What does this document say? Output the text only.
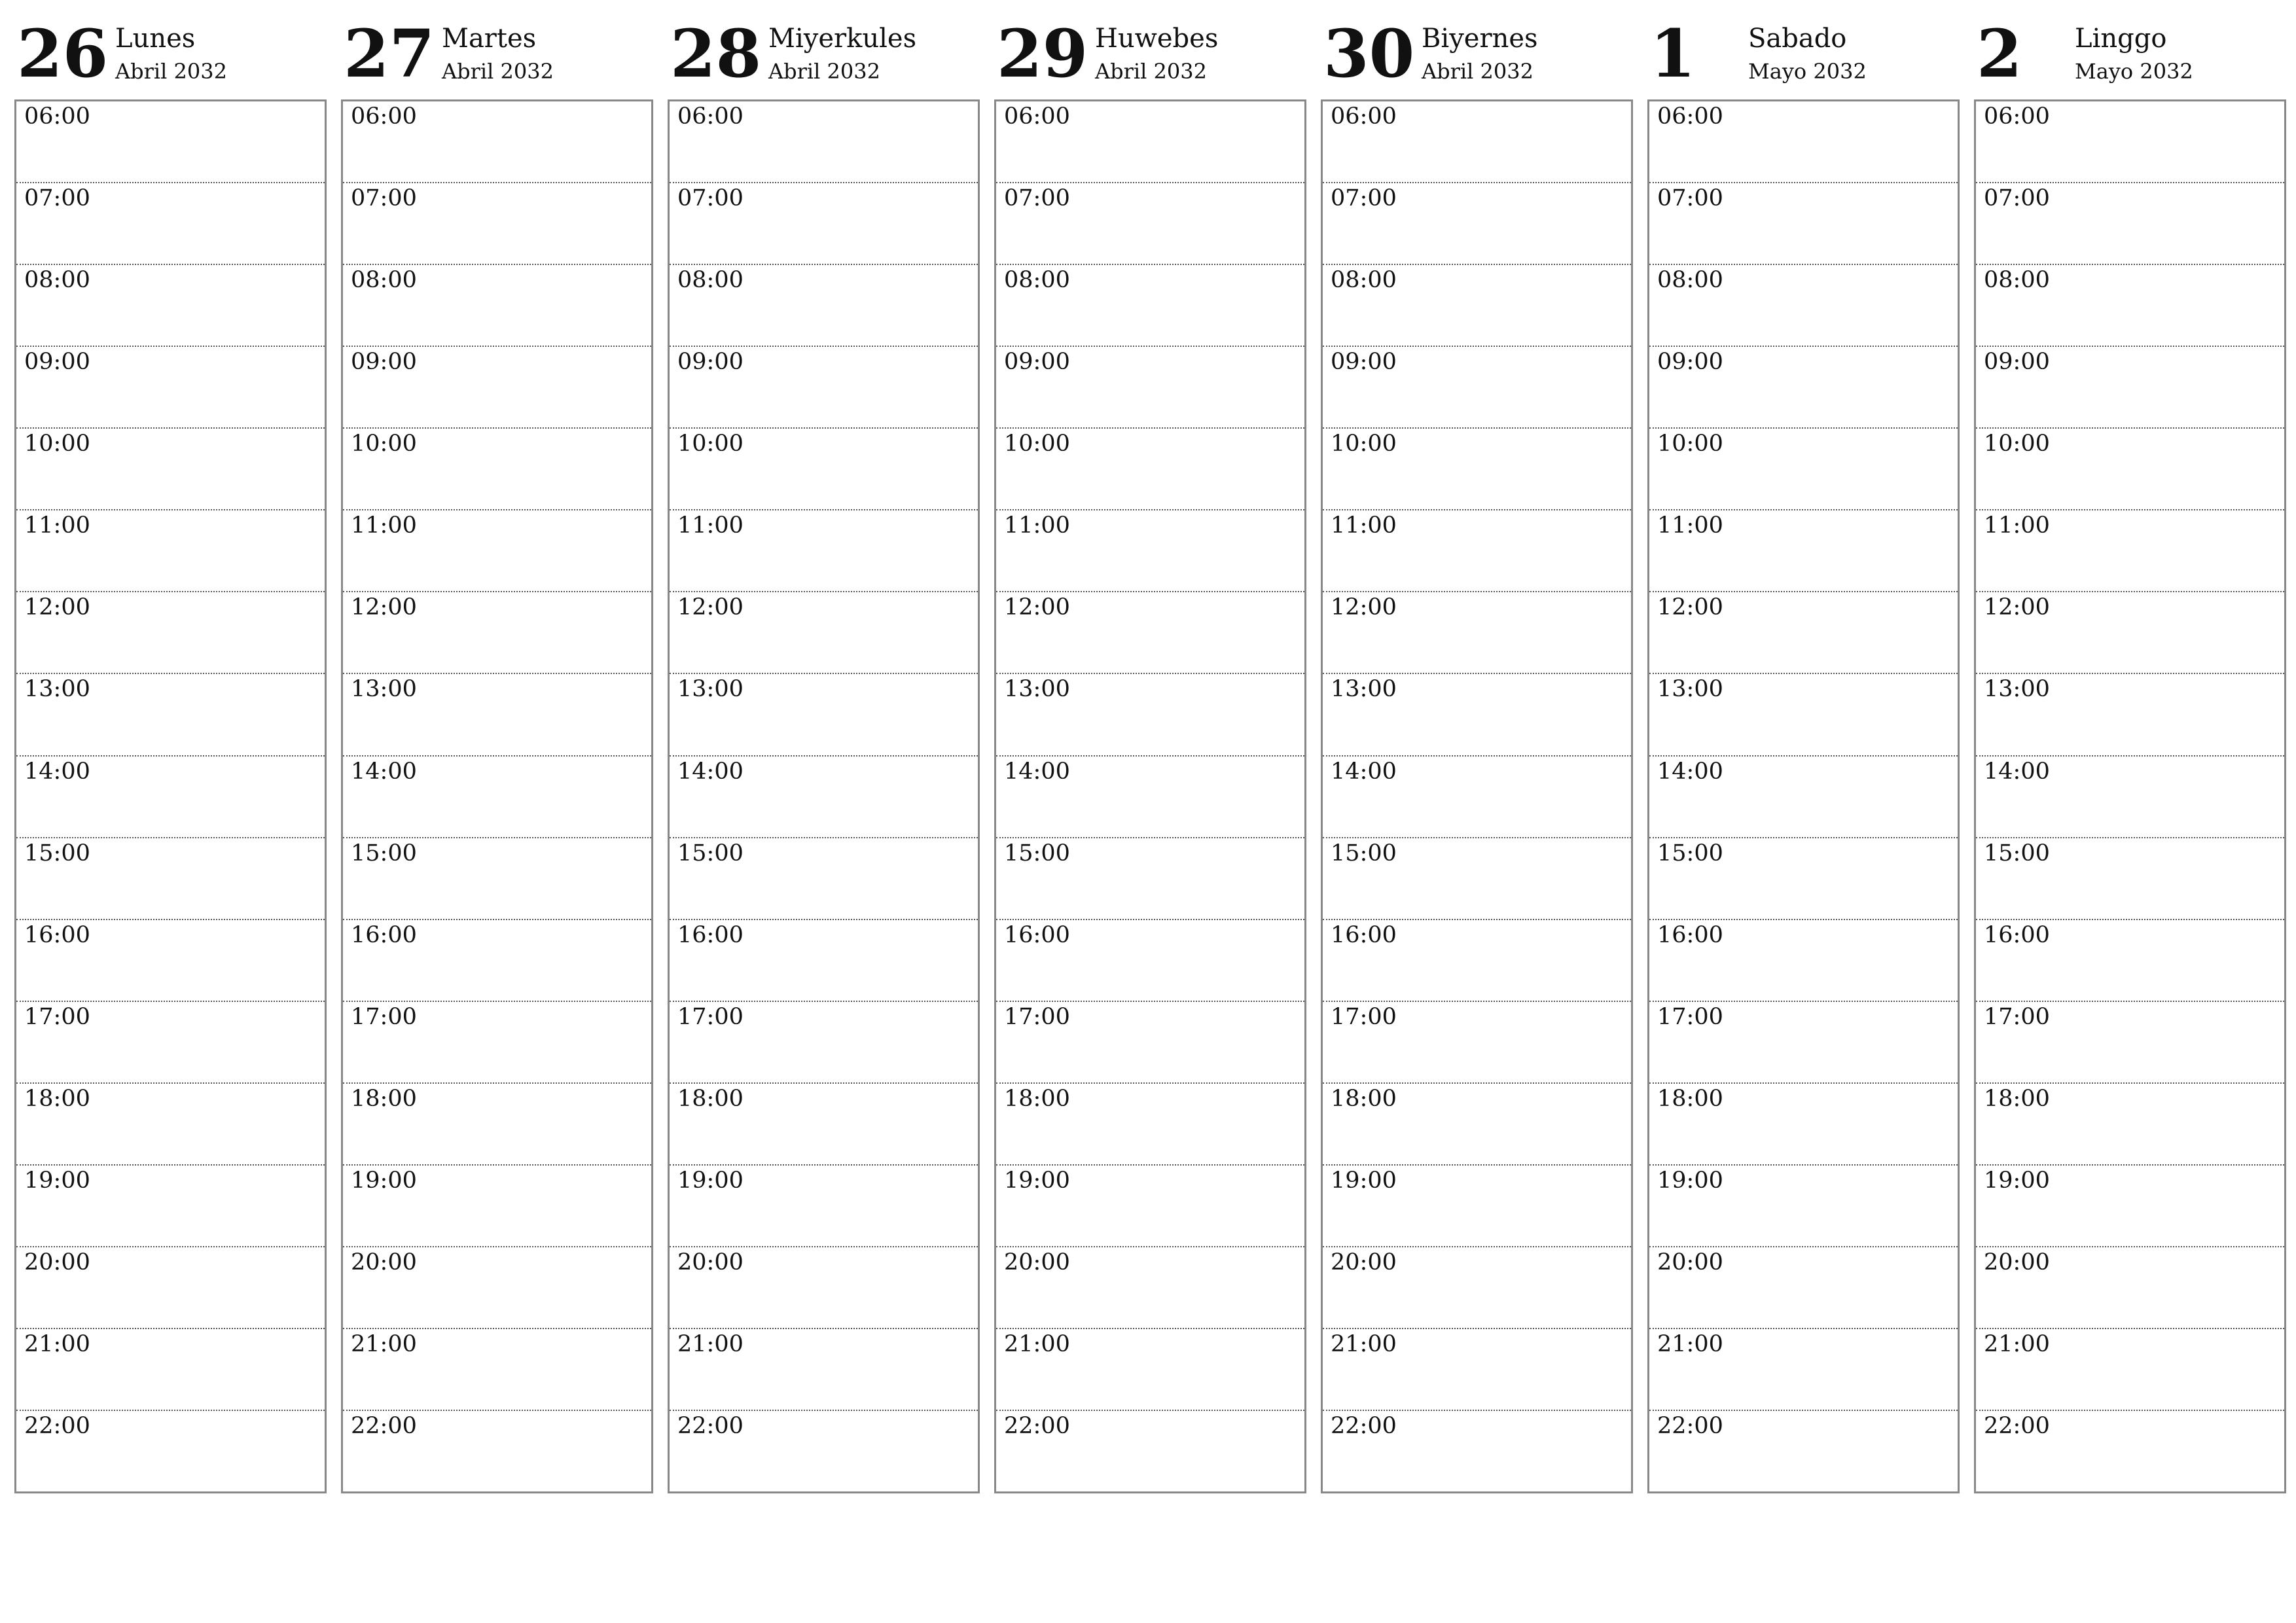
26 Lunes
Abril 2032
06:00
07:00
08:00
09:00
10:00
11:00
12:00
13:00
14:00
15:00
16:00
17:00
18:00
19:00
20:00
21:00
22:00
27 Martes
Abril 2032
06:00
07:00
08:00
09:00
10:00
11:00
12:00
13:00
14:00
15:00
16:00
17:00
18:00
19:00
20:00
21:00
22:00
28 Miyerkules
Abril 2032
06:00
07:00
08:00
09:00
10:00
11:00
12:00
13:00
14:00
15:00
16:00
17:00
18:00
19:00
20:00
21:00
22:00
29 Huwebes
Abril 2032
06:00
07:00
08:00
09:00
10:00
11:00
12:00
13:00
14:00
15:00
16:00
17:00
18:00
19:00
20:00
21:00
22:00
30 Biyernes
Abril 2032
06:00
07:00
08:00
09:00
10:00
11:00
12:00
13:00
14:00
15:00
16:00
17:00
18:00
19:00
20:00
21:00
22:00
1	Sabado
Mayo 2032
06:00
07:00
08:00
09:00
10:00
11:00
12:00
13:00
14:00
15:00
16:00
17:00
18:00
19:00
20:00
21:00
22:00
2	Linggo
Mayo 2032
06:00
07:00
08:00
09:00
10:00
11:00
12:00
13:00
14:00
15:00
16:00
17:00
18:00
19:00
20:00
21:00
22:00
